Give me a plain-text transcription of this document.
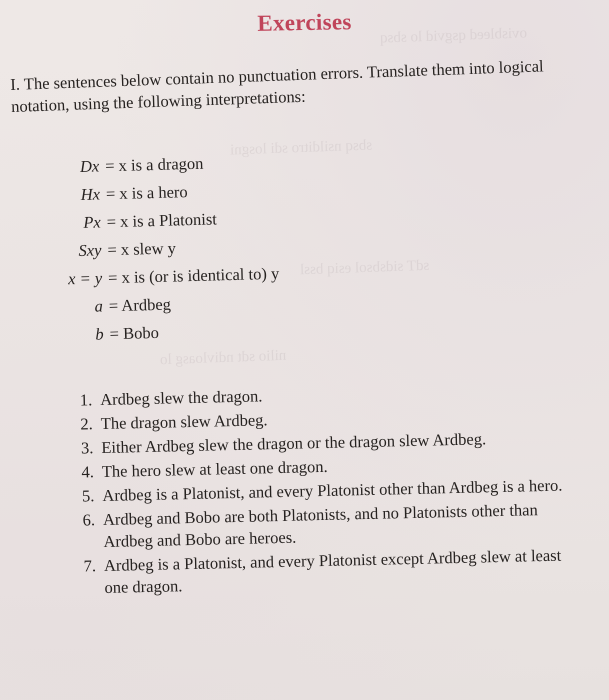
ovisbleed qsgvid lo sbsq
sbsq nsilditro sdi losgni
sdT sidsbsol esiq bssl
nilio sdt ndivloasg lo
Exercises
I. The sentences below contain no punctuation errors. Translate them into logical notation, using the following interpretations:
Dx = x is a dragon
Hx = x is a hero
Px = x is a Platonist
Sxy = x slew y
x = y = x is (or is identical to) y
a = Ardbeg
b = Bobo
1. Ardbeg slew the dragon.
2. The dragon slew Ardbeg.
3. Either Ardbeg slew the dragon or the dragon slew Ardbeg.
4. The hero slew at least one dragon.
5. Ardbeg is a Platonist, and every Platonist other than Ardbeg is a hero.
6. Ardbeg and Bobo are both Platonists, and no Platonists other than Ardbeg and Bobo are heroes.
7. Ardbeg is a Platonist, and every Platonist except Ardbeg slew at least one dragon.
